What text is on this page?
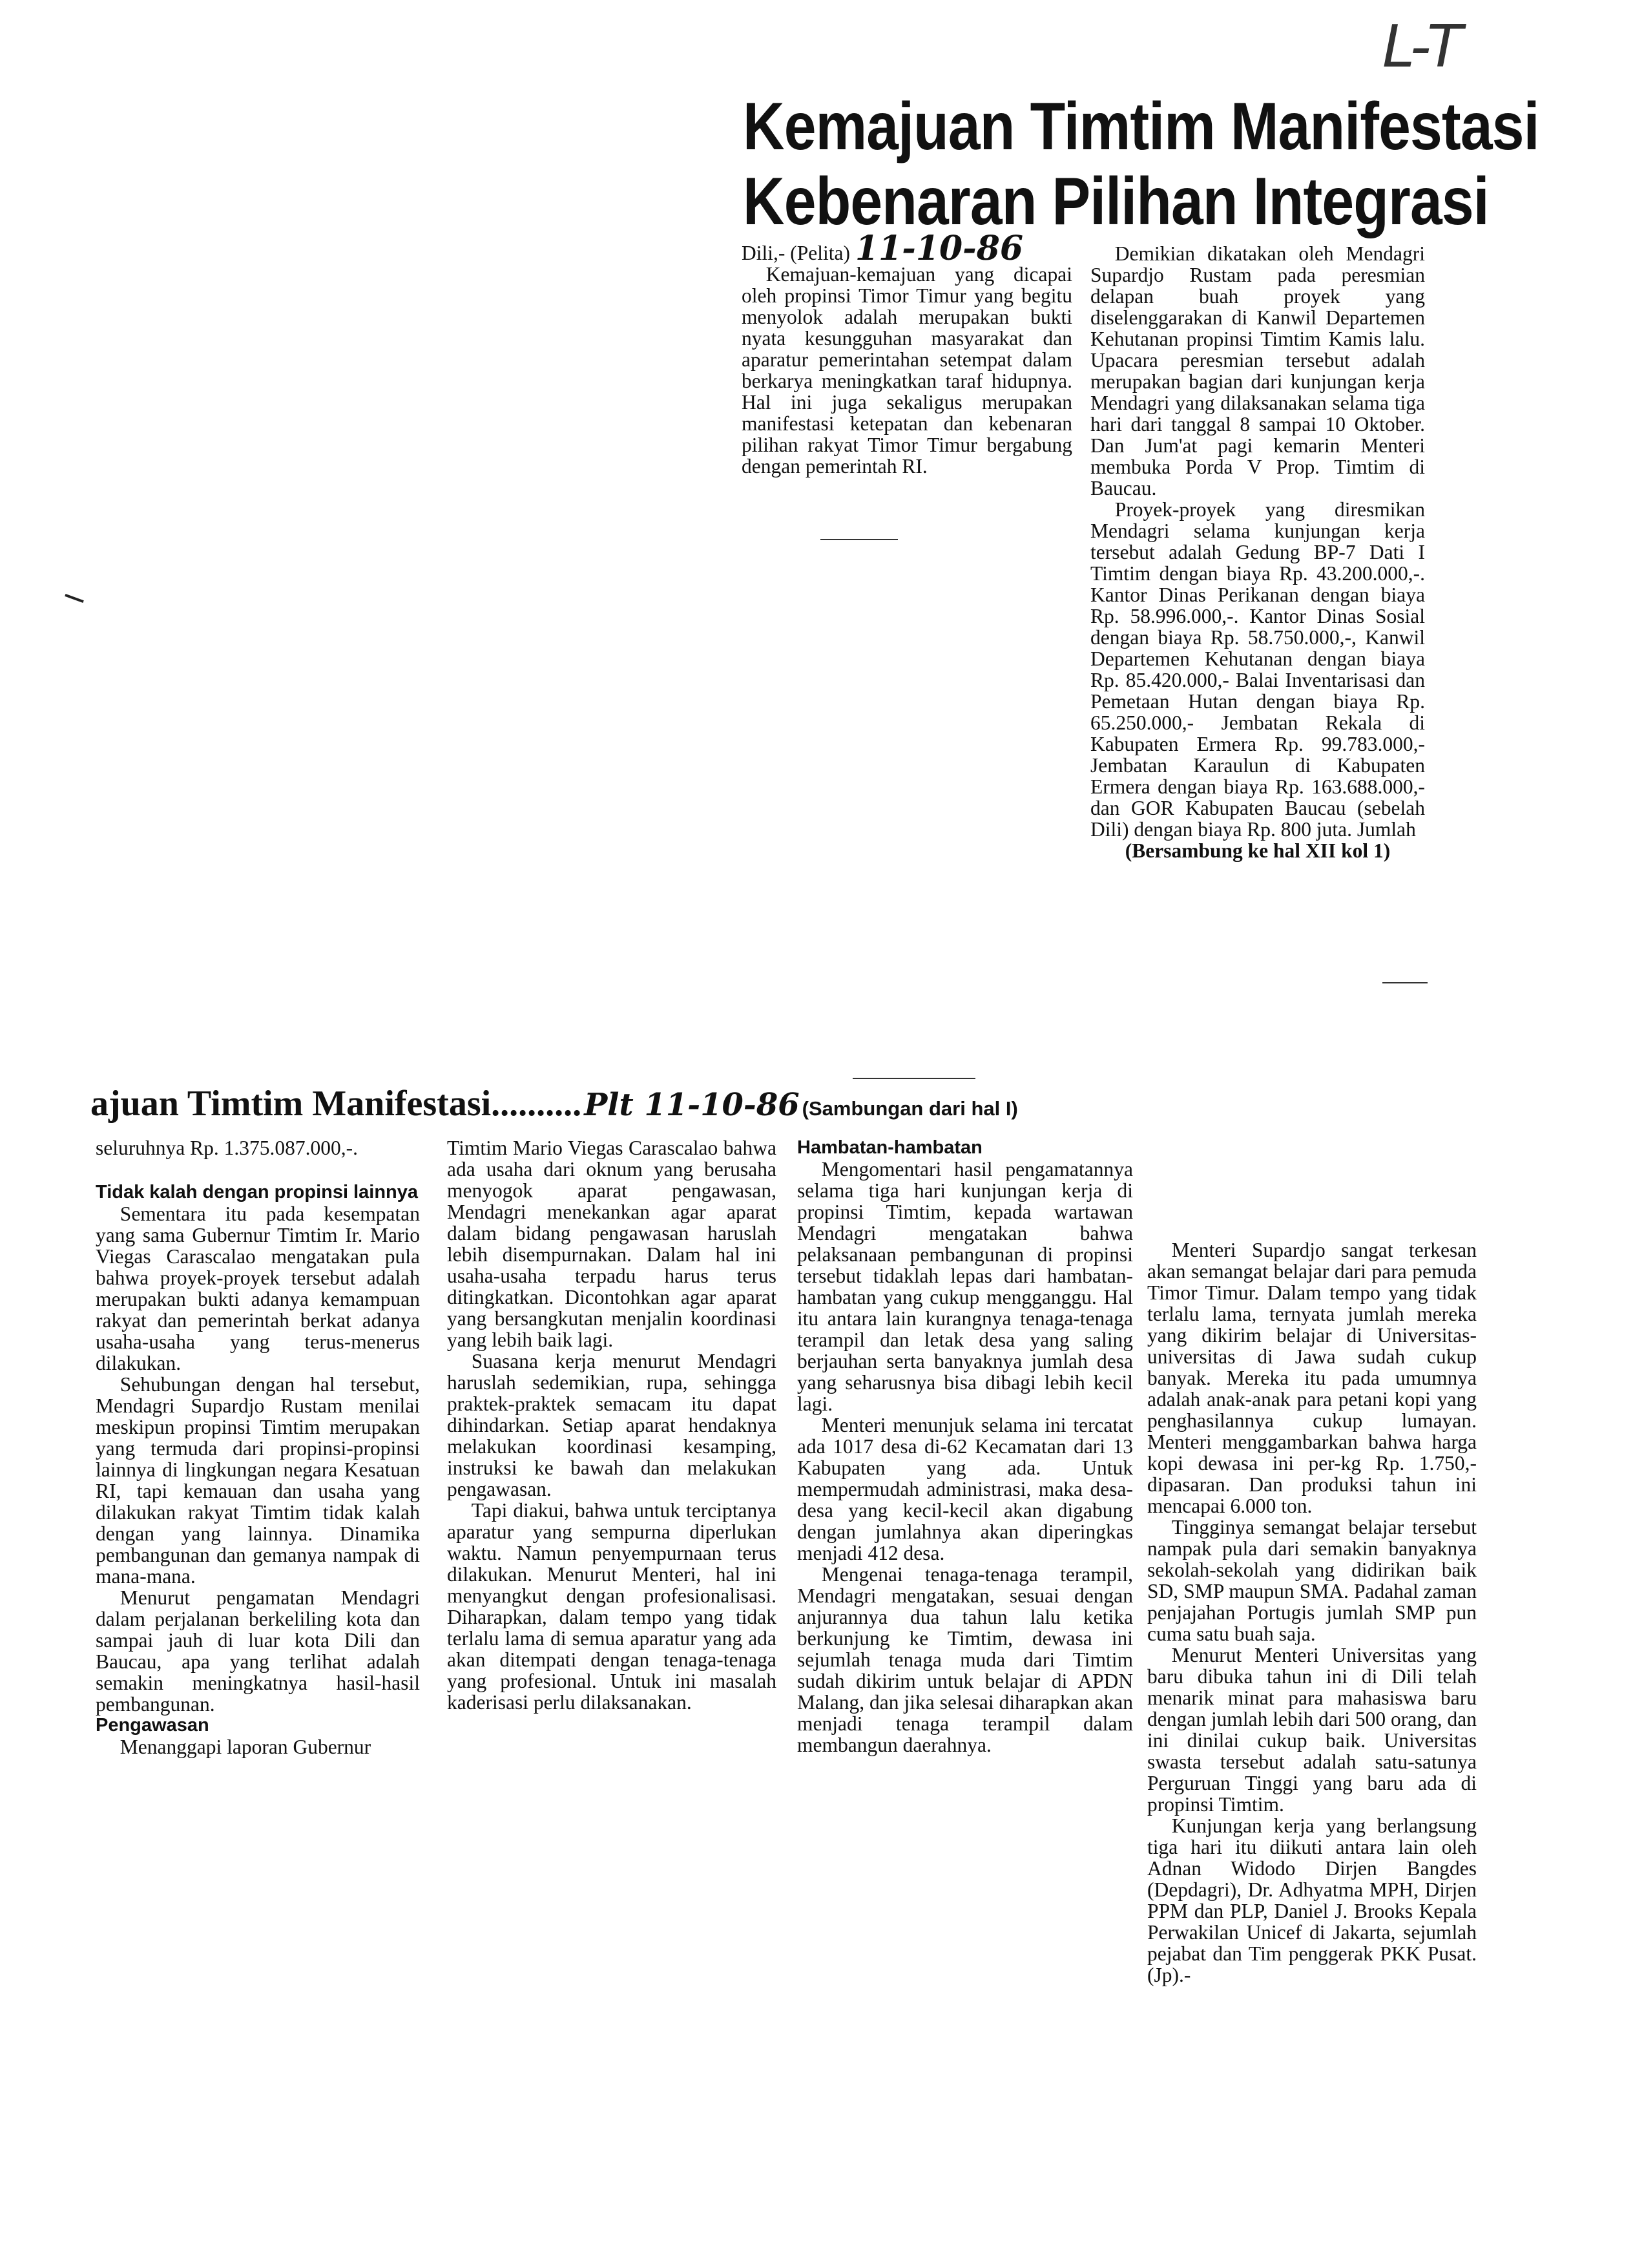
L-T
Kemajuan Timtim Manifestasi
Kebenaran Pilihan Integrasi

Dili,- (Pelita) 11-10-86

Kemajuan-kemajuan yang dicapai oleh propinsi Timor Timur yang begitu menyolok adalah merupakan bukti nyata kesungguhan masyarakat dan aparatur pemerintahan setempat dalam berkarya meningkatkan taraf hidupnya. Hal ini juga sekaligus merupakan manifestasi ketepatan dan kebenaran pilihan rakyat Timor Timur bergabung dengan pemerintah RI.

Demikian dikatakan oleh Mendagri Supardjo Rustam pada peresmian delapan buah proyek yang diselenggarakan di Kanwil Departemen Kehutanan propinsi Timtim Kamis lalu. Upacara peresmian tersebut adalah merupakan bagian dari kunjungan kerja Mendagri yang dilaksanakan selama tiga hari dari tanggal 8 sampai 10 Oktober. Dan Jum'at pagi kemarin Menteri membuka Porda V Prop. Timtim di Baucau.

Proyek-proyek yang diresmikan Mendagri selama kunjungan kerja tersebut adalah Gedung BP-7 Dati I Timtim dengan biaya Rp. 43.200.000,-. Kantor Dinas Perikanan dengan biaya Rp. 58.996.000,-. Kantor Dinas Sosial dengan biaya Rp. 58.750.000,-, Kanwil Departemen Kehutanan dengan biaya Rp. 85.420.000,- Balai Inventarisasi dan Pemetaan Hutan dengan biaya Rp. 65.250.000,- Jembatan Rekala di Kabupaten Ermera Rp. 99.783.000,- Jembatan Karaulun di Kabupaten Ermera dengan biaya Rp. 163.688.000,- dan GOR Kabupaten Baucau (sebelah Dili) dengan biaya Rp. 800 juta. Jumlah

(Bersambung ke hal XII kol 1)

ajuan Timtim Manifestasi.......... Plt 11-10-86 (Sambungan dari hal I)

seluruhnya Rp. 1.375.087.000,-.

Tidak kalah dengan propinsi lainnya

Sementara itu pada kesempatan yang sama Gubernur Timtim Ir. Mario Viegas Carascalao mengatakan pula bahwa proyek-proyek tersebut adalah merupakan bukti adanya kemampuan rakyat dan pemerintah berkat adanya usaha-usaha yang terus-menerus dilakukan.

Sehubungan dengan hal tersebut, Mendagri Supardjo Rustam menilai meskipun propinsi Timtim merupakan yang termuda dari propinsi-propinsi lainnya di lingkungan negara Kesatuan RI, tapi kemauan dan usaha yang dilakukan rakyat Timtim tidak kalah dengan yang lainnya. Dinamika pembangunan dan gemanya nampak di mana-mana.

Menurut pengamatan Mendagri dalam perjalanan berkeliling kota dan sampai jauh di luar kota Dili dan Baucau, apa yang terlihat adalah semakin meningkatnya hasil-hasil pembangunan.

Pengawasan

Menanggapi laporan Gubernur

Timtim Mario Viegas Carascalao bahwa ada usaha dari oknum yang berusaha menyogok aparat pengawasan, Mendagri menekankan agar aparat dalam bidang pengawasan haruslah lebih disempurnakan. Dalam hal ini usaha-usaha terpadu harus terus ditingkatkan. Dicontohkan agar aparat yang bersangkutan menjalin koordinasi yang lebih baik lagi.

Suasana kerja menurut Mendagri haruslah sedemikian, rupa, sehingga praktek-praktek semacam itu dapat dihindarkan. Setiap aparat hendaknya melakukan koordinasi kesamping, instruksi ke bawah dan melakukan pengawasan.

Tapi diakui, bahwa untuk terciptanya aparatur yang sempurna diperlukan waktu. Namun penyempurnaan terus dilakukan. Menurut Menteri, hal ini menyangkut dengan profesionalisasi. Diharapkan, dalam tempo yang tidak terlalu lama di semua aparatur yang ada akan ditempati dengan tenaga-tenaga yang profesional. Untuk ini masalah kaderisasi perlu dilaksanakan.

Hambatan-hambatan

Mengomentari hasil pengamatannya selama tiga hari kunjungan kerja di propinsi Timtim, kepada wartawan Mendagri mengatakan bahwa pelaksanaan pembangunan di propinsi tersebut tidaklah lepas dari hambatan-hambatan yang cukup mengganggu. Hal itu antara lain kurangnya tenaga-tenaga terampil dan letak desa yang saling berjauhan serta banyaknya jumlah desa yang seharusnya bisa dibagi lebih kecil lagi.

Menteri menunjuk selama ini tercatat ada 1017 desa di-62 Kecamatan dari 13 Kabupaten yang ada. Untuk mempermudah administrasi, maka desa-desa yang kecil-kecil akan digabung dengan jumlahnya akan diperingkas menjadi 412 desa.

Mengenai tenaga-tenaga terampil, Mendagri mengatakan, sesuai dengan anjurannya dua tahun lalu ketika berkunjung ke Timtim, dewasa ini sejumlah tenaga muda dari Timtim sudah dikirim untuk belajar di APDN Malang, dan jika selesai diharapkan akan menjadi tenaga terampil dalam membangun daerahnya.

Menteri Supardjo sangat terkesan akan semangat belajar dari para pemuda Timor Timur. Dalam tempo yang tidak terlalu lama, ternyata jumlah mereka yang dikirim belajar di Universitas-universitas di Jawa sudah cukup banyak. Mereka itu pada umumnya adalah anak-anak para petani kopi yang penghasilannya cukup lumayan. Menteri menggambarkan bahwa harga kopi dewasa ini per-kg Rp. 1.750,- dipasaran. Dan produksi tahun ini mencapai 6.000 ton.

Tingginya semangat belajar tersebut nampak pula dari semakin banyaknya sekolah-sekolah yang didirikan baik SD, SMP maupun SMA. Padahal zaman penjajahan Portugis jumlah SMP pun cuma satu buah saja.

Menurut Menteri Universitas yang baru dibuka tahun ini di Dili telah menarik minat para mahasiswa baru dengan jumlah lebih dari 500 orang, dan ini dinilai cukup baik. Universitas swasta tersebut adalah satu-satunya Perguruan Tinggi yang baru ada di propinsi Timtim.

Kunjungan kerja yang berlangsung tiga hari itu diikuti antara lain oleh Adnan Widodo Dirjen Bangdes (Depdagri), Dr. Adhyatma MPH, Dirjen PPM dan PLP, Daniel J. Brooks Kepala Perwakilan Unicef di Jakarta, sejumlah pejabat dan Tim penggerak PKK Pusat. (Jp).-
